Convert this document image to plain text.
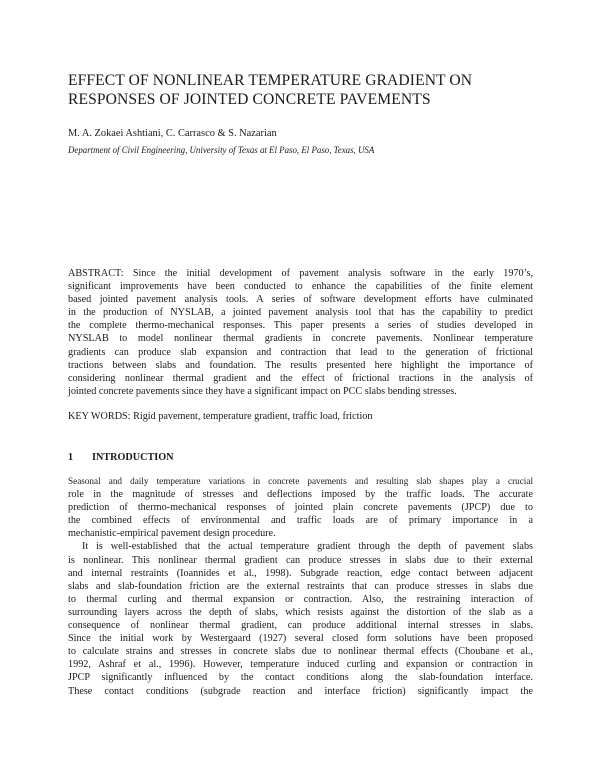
EFFECT OF NONLINEAR TEMPERATURE GRADIENT ON
RESPONSES OF JOINTED CONCRETE PAVEMENTS

M. A. Zokaei Ashtiani, C. Carrasco & S. Nazarian

Department of Civil Engineering, University of Texas at El Paso, El Paso, Texas, USA

ABSTRACT: Since the initial development of pavement analysis software in the early 1970’s,
significant improvements have been conducted to enhance the capabilities of the finite element
based jointed pavement analysis tools. A series of software development efforts have culminated
in the production of NYSLAB, a jointed pavement analysis tool that has the capability to predict
the complete thermo-mechanical responses. This paper presents a series of studies developed in
NYSLAB to model nonlinear thermal gradients in concrete pavements. Nonlinear temperature
gradients can produce slab expansion and contraction that lead to the generation of frictional
tractions between slabs and foundation. The results presented here highlight the importance of
considering nonlinear thermal gradient and the effect of frictional tractions in the analysis of
jointed concrete pavements since they have a significant impact on PCC slabs bending stresses.

KEY WORDS: Rigid pavement, temperature gradient, traffic load, friction

1 INTRODUCTION
Seasonal and daily temperature variations in concrete pavements and resulting slab shapes play a crucial
role in the magnitude of stresses and deflections imposed by the traffic loads. The accurate
prediction of thermo-mechanical responses of jointed plain concrete pavements (JPCP) due to
the combined effects of environmental and traffic loads are of primary importance in a
mechanistic-empirical pavement design procedure.
It is well-established that the actual temperature gradient through the depth of pavement slabs
is nonlinear. This nonlinear thermal gradient can produce stresses in slabs due to their external
and internal restraints (Ioannides et al., 1998). Subgrade reaction, edge contact between adjacent
slabs and slab-foundation friction are the external restraints that can produce stresses in slabs due
to thermal curling and thermal expansion or contraction. Also, the restraining interaction of
surrounding layers across the depth of slabs, which resists against the distortion of the slab as a
consequence of nonlinear thermal gradient, can produce additional internal stresses in slabs.
Since the initial work by Westergaard (1927) several closed form solutions have been proposed
to calculate strains and stresses in concrete slabs due to nonlinear thermal effects (Choubane et al.,
1992, Ashraf et al., 1996). However, temperature induced curling and expansion or contraction in
JPCP significantly influenced by the contact conditions along the slab-foundation interface.
These contact conditions (subgrade reaction and interface friction) significantly impact the
